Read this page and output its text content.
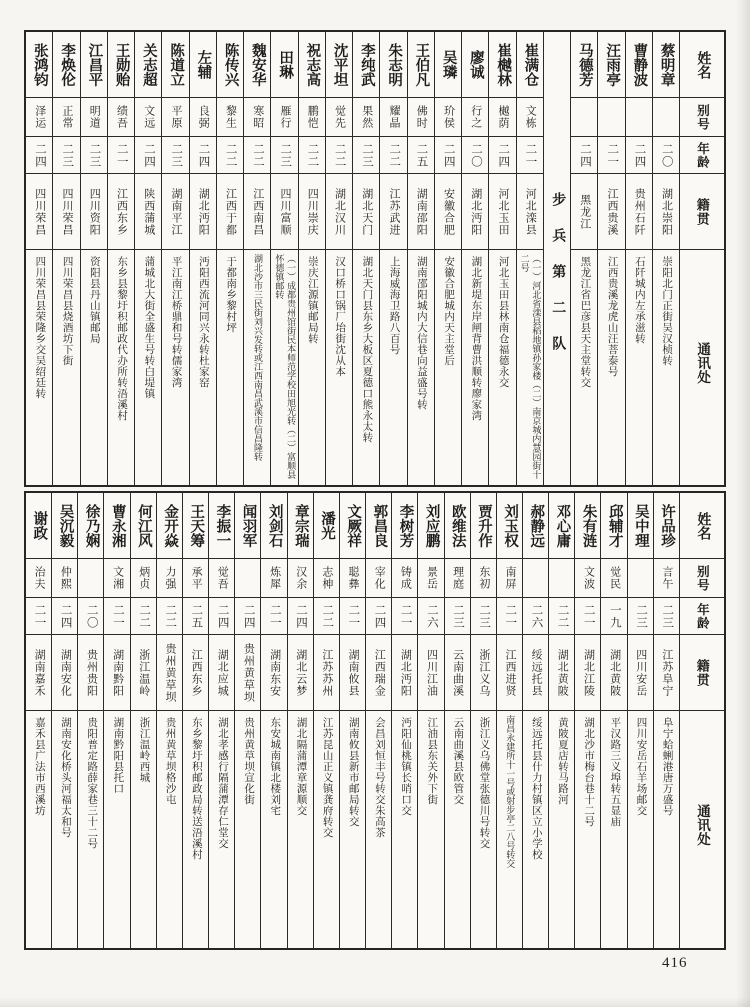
张鸿钧
泽运
二四
四川荣昌
四川荣昌县荣隆乡交吴绍廷转
李焕伦
正常
二三
四川荣昌
四川荣昌县烧酒坊下街
江昌平
明道
二三
四川资阳
资阳县丹山镇邮局
王勋贻
绩吾
二一
江西东乡
东乡县黎圩积邮政代办所转浯溪村
关志超
文远
二四
陕西蒲城
蒲城北大街全盛生号转白堤镇
陈道立
平原
二三
湖南平江
平江南江桥鼎和号转儒家湾
左辅
良弼
二四
湖北沔阳
沔阳西流河同兴永转杜家窑
陈传兴
黎生
二二
江西于都
于都南乡黎村坪
魏安华
寒昭
二二
江西南昌
湖北沙市三民街刘兴发转或江西南昌武溪市信昌隆转
田琳
雁行
二三
四川富顺
（一）成都贵州馆街民本师范学校田旭光转（二）富顺县怀德镇邮转
祝志高
鹏恺
二二
四川崇庆
崇庆江源镇邮局转
沈平坦
觉先
二二
湖北汉川
汉口桥口锅厂坮街沈从本
李纯武
果然
二三
湖北天门
湖北天门县东乡大板区夏德口熊永太转
朱志明
耀晶
二二
江苏武进
上海威海卫路八百号
王伯凡
佛时
二五
湖南邵阳
湖南邵阳城内大信巷向益盛号转
吴璘
玠侯
二四
安徽合肥
安徽合肥城内天主堂后
廖诚
行之
二〇
湖北沔阳
湖北新堤东岸闸背曹洪顺转廖家湾
崔樾林
樾荫
二四
河北玉田
河北玉田县林南仓福德永交
崔满仓
文栋
二一
河北滦县
（一）河北省滦县稻地镇孙家楼（二）南京城内慧园街十二号	步兵第二队
马德芳
二四
黑龙江
黑龙江省巴彦县天主堂转交
汪雨亭
二一
江西贵溪
江西贵溪龙虎山汪菩泰号
曹静波
二四
贵州石阡
石阡城内左承滋转
蔡明章
二〇
湖北崇阳
崇阳北门正街吴汉桢转
姓名
别号
年龄
籍贯
通讯处
谢政
治夫
二一
湖南嘉禾
嘉禾县广法市西溪坊
吴沉毅
仲熙
二四
湖南安化
湖南安化桥头河福太和号
徐乃娴
二〇
贵州贵阳
贵阳普定路薛家巷三十二号
曹永湘
文湘
二一
湖南黔阳
湖南黔阳县托口
何江风
炳贞
二二
浙江温岭
浙江温岭西城
金开焱
力强
二二
贵州黄草坝
贵州黄草坝格沙屯
王天筹
承平
二五
江西东乡
东乡黎圩积邮政局转送浯溪村
李振一
觉吾
二四
湖北应城
湖北孝感行隔蒲潭存仁堂交
闻羽军
二四
贵州黄草坝
贵州黄草坝宣化街
刘剑石
炼犀
二一
湖南东安
东安城南镇北楼刘宅
章宗瑞
汉余
二四
湖北云梦
湖北隔蒲潭章源顺交
潘光
志柛
二二
江苏苏州
江苏昆山正义镇龚府转交
文厥祥
聪彝
二一
湖南攸县
湖南攸县新市邮局转交
郭昌良
宰化
二四
江西瑞金
会昌刘恒丰号转交朱高茶
李树芳
铸成
二一
湖北沔阳
沔阳仙桃镇长哨口交
刘应鹏
景岳
二六
四川江油
江油县东关外下街
欧维法
理庭
二三
云南曲溪
云南曲溪县欧管交
贾升作
东初
二三
浙江义乌
浙江义乌佛堂张德川号转交
刘玉权
南屏
二一
江西进贤
南昌永建所十一号或射步亭二八号转交
郝静远
二六
绥远托县
绥远托县什力村镇区立小学校
邓心庸
二二
湖北黄陂
黄陂夏店转马路河
朱有涟
文波
二一
湖北江陵
湖北沙市梅台巷十二号
邱辅才
觉民
一九
湖北黄陂
平汉路三义埠转五显庙
吴中理
二三
四川安岳
四川安岳石羊场邮交
许品珍
言午
二三
江苏阜宁
阜宁蛤蜊港唐万盛号
姓名
别号
年龄
籍贯
通讯处
416
